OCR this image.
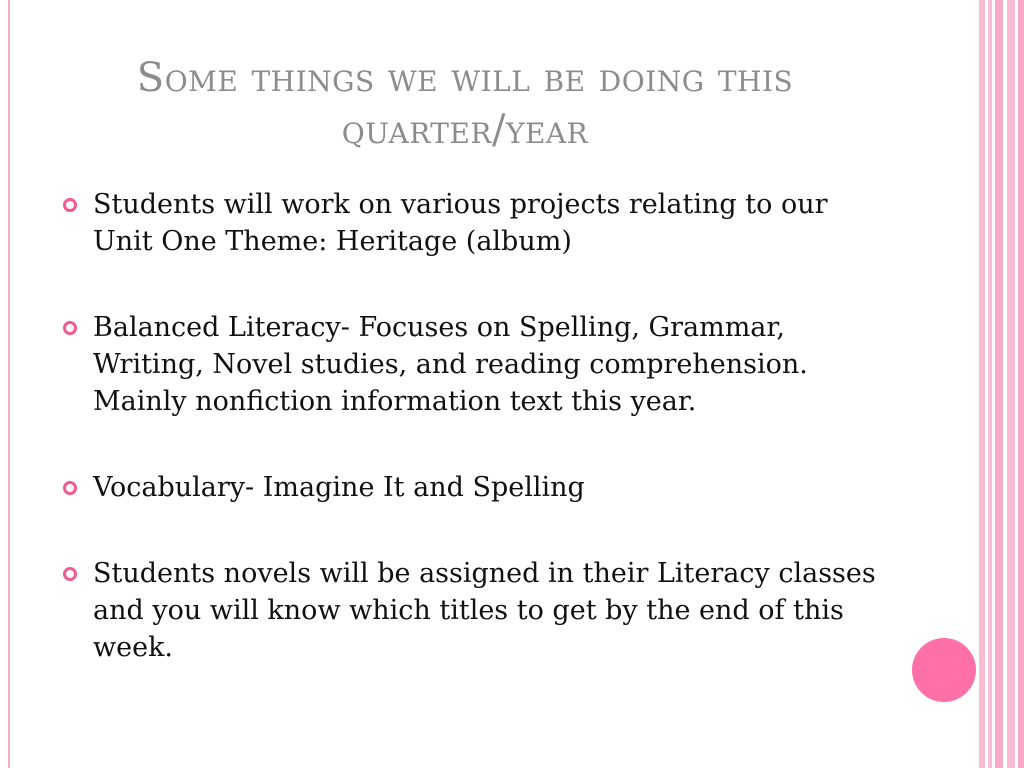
Some things we will be doing this quarter/year
Students will work on various projects relating to our Unit One Theme: Heritage (album)
Balanced Literacy- Focuses on Spelling, Grammar, Writing, Novel studies, and reading comprehension. Mainly nonfiction information text this year.
Vocabulary- Imagine It and Spelling
Students novels will be assigned in their Literacy classes and you will know which titles to get by the end of this week.
